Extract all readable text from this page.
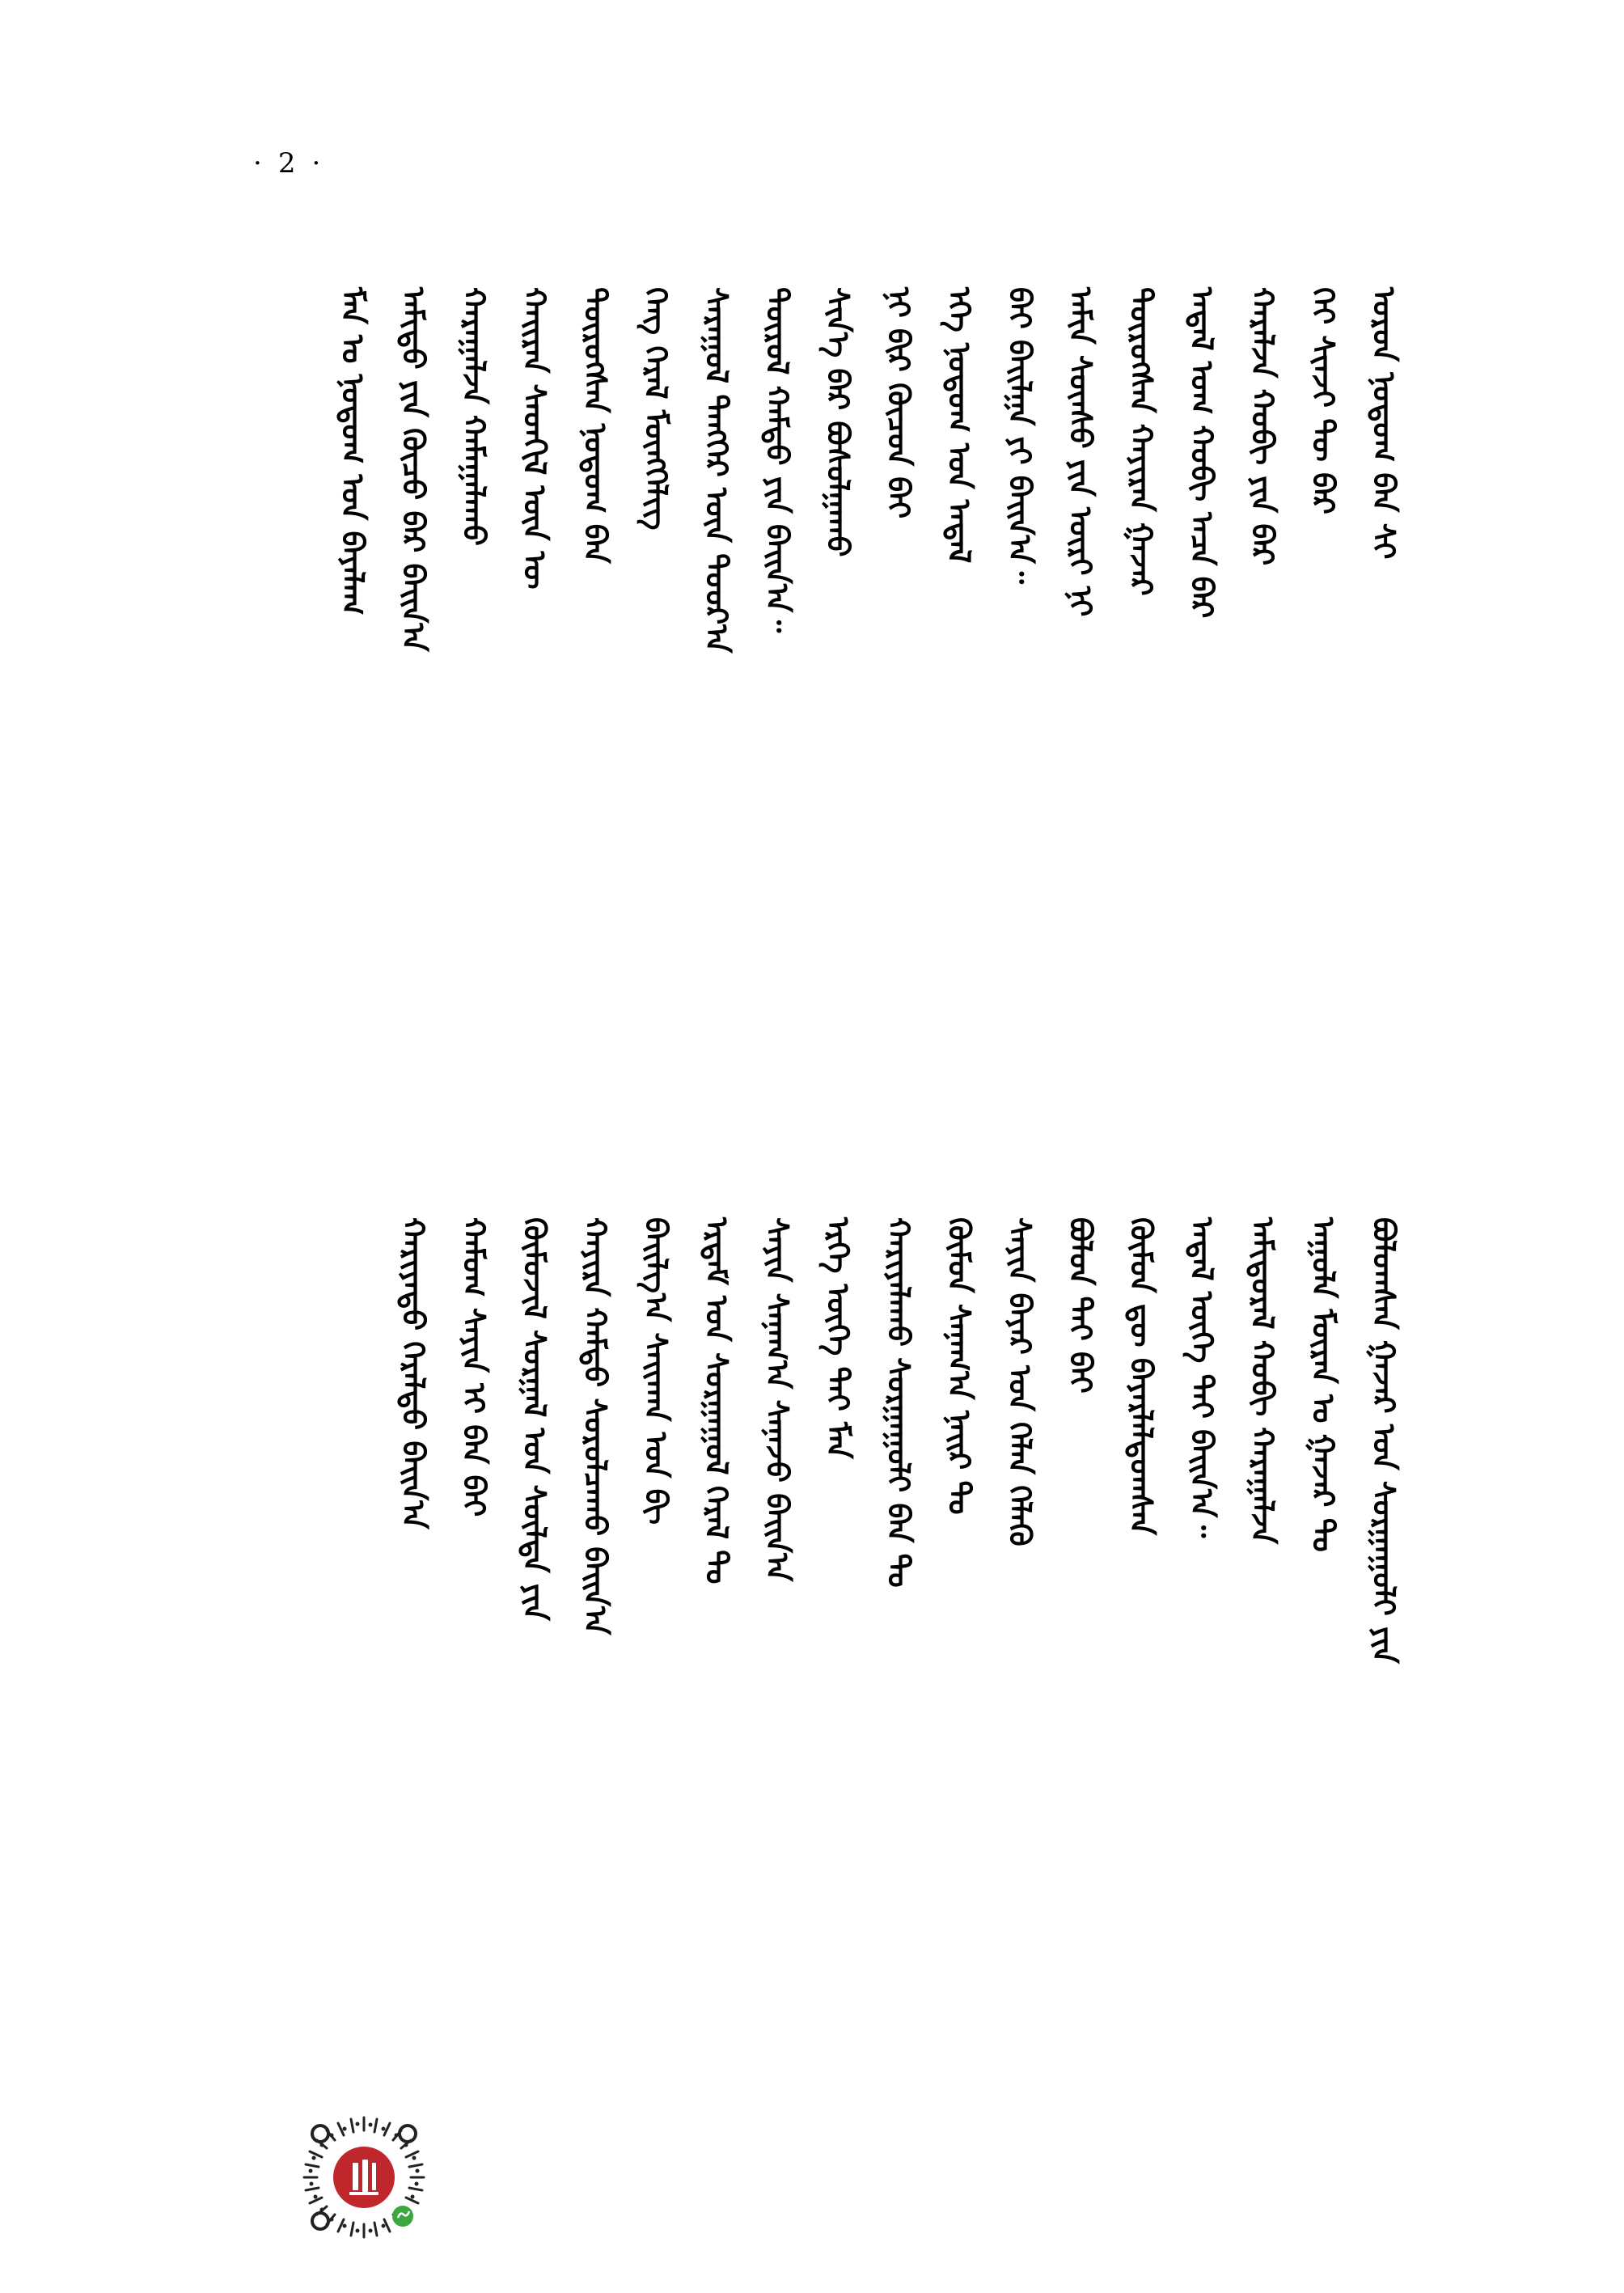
· 2 ·
ᠣᠷᠣᠨ ᠨᠤᠲᠤᠭ ᠪᠠᠨ ᠰᠢ
ᠬᠡᠢ ᠰᠢᠨᠵᠢ ᠲᠦ ᠪᠡᠷ
ᠬᠠᠷᠠᠯᠵᠠ ᠬᠤᠪᠢ ᠶᠢᠨ ᠪᠡᠷ
ᠠᠳᠠᠯ ᠤᠭ ᠬᠤᠪᠢ ᠠᠴᠠ ᠪᠡᠷ
ᠲᠥᠷᠥᠭᠰᠡᠨ ᠬᠠᠶᠢᠷᠠᠨ ᠭᠠᠵᠠᠷ
ᠠᠮᠢᠨ ᠰᠦᠨᠰᠦ ᠶᠢᠨ ᠦᠷᠢ ᠨᠢ
ᠪᠠᠢ ᠪᠠᠢᠯᠭᠠ ᠶᠢ ᠪᠠᠢᠨ᠎ᠠ᠃
ᠡᠬᠡ ᠨᠤᠲᠤᠭ ᠤᠨ ᠠᠳᠠᠯ
ᠨᠢ ᠪᠢᠷ ᠬᠦᠴᠦᠨ ᠪᠠᠢ
ᠰᠢᠨ᠎ᠡ ᠪᠠᠷ ᠪᠤᠰᠤᠯᠭᠠᠬᠤ
ᠲᠥᠷᠥᠯ ᠬᠠᠮᠲᠤ ᠶᠢᠨ ᠪᠠᠢᠨ᠎ᠠ᠃
ᠰᠠᠷᠠᠭᠤᠯ ᠲᠡᠩᠭᠡᠷ ᠦᠨ ᠳᠣᠣᠷ᠎ᠠ
ᠬᠡᠩ ᠭᠡᠷᠡᠯ ᠮᠥᠩᠬᠡᠯᠢᠭ
ᠲᠥᠷᠥᠭᠰᠡᠨ ᠨᠤᠲᠤᠭ ᠪᠠᠨ
ᠬᠠᠢᠷᠠᠨ ᠰᠡᠳᠬᠢᠯ ᠦᠨ ᠦ
ᠬᠠᠷᠠᠭᠠᠯᠵᠠ ᠬᠠᠮᠠᠭᠠᠯᠠᠬᠤ
ᠠᠮᠢᠳᠤ ᠶᠢᠨ ᠬᠦᠴᠦ ᠪᠠᠷ ᠪᠠᠢᠨ᠎ᠠ
ᠮᠠᠨ ᠤ ᠨᠤᠲᠤᠭ ᠤᠨ ᠪᠠᠶᠠᠯᠠᠭ
ᠪᠤᠯᠤᠭᠰᠠᠨ ᠭᠠᠵᠠᠷ ᠤᠨ ᠰᠤᠷᠭᠠᠭᠤᠯᠢ ᠶᠢᠨ
ᠠᠭᠤᠯᠠ ᠮᠥᠷᠡᠨ ᠤ ᠭᠠᠵᠠᠷ ᠲᠤ
ᠠᠮᠢᠳᠤᠷᠠᠯ ᠬᠤᠪᠢ ᠬᠠᠷᠠᠭᠠᠯᠵᠠ
ᠠᠳᠠᠯ ᠦᠭᠡ ᠲᠡᠢ ᠪᠠᠢᠨ᠎ᠠ᠃
ᠬᠥᠮᠦᠨ ᠳᠦ ᠪᠠᠶᠠᠷᠯᠠᠯᠳᠤᠭᠰᠠᠨ
ᠪᠣᠯᠤᠨ ᠲᠠᠢ ᠪᠠᠢ
ᠰᠠᠶᠢᠨ ᠪᠠᠶᠠᠷ ᠤᠨ ᠬᠡᠯᠡᠨ ᠬᠡᠯᠡᠬᠦ
ᠬᠦᠮᠦᠨ ᠰᠠᠨᠠᠭ᠎ᠠ ᠨᠠᠢᠷ ᠲᠤ
ᠬᠠᠷᠢᠶᠠᠯᠠᠬᠤ ᠰᠤᠷᠭᠠᠭᠤᠯᠢ ᠪᠠᠨ ᠲᠤ
ᠡᠷᠬᠡ ᠦᠭᠡ ᠲᠡᠢ ᠮᠠᠨ
ᠰᠠᠶᠢᠨ ᠰᠠᠨᠠᠭ᠎ᠠ ᠰᠠᠨᠠᠵᠤ ᠪᠠᠢᠨ᠎ᠠ
ᠡᠷᠳᠡᠮ ᠤᠨ ᠰᠤᠷᠭᠠᠭᠤᠯ ᠭᠡᠷᠡᠯ ᠲᠤ
ᠪᠠᠢᠯᠭ᠎ᠠ ᠰᠠᠢᠬᠠᠨ ᠤᠨ ᠪᠢ
ᠬᠠᠶᠢᠷᠠ ᠬᠠᠮᠲᠤ ᠰᠤᠷᠤᠯᠴᠠᠬᠤ ᠪᠠᠢᠨ᠎ᠠ
ᠬᠦᠮᠦᠵᠢᠯ ᠰᠤᠷᠭᠠᠯ ᠤᠨ ᠰᠦᠯᠳᠡ ᠶᠢᠨ
ᠬᠠᠮᠤᠭ ᠰᠠᠶᠢᠨ ᠢ ᠪᠠᠨ ᠪᠠᠢ
ᠬᠠᠷᠢᠶᠠᠲᠤ ᠭᠡᠷᠡᠯᠲᠦ ᠪᠠᠢᠨ᠎ᠠ
